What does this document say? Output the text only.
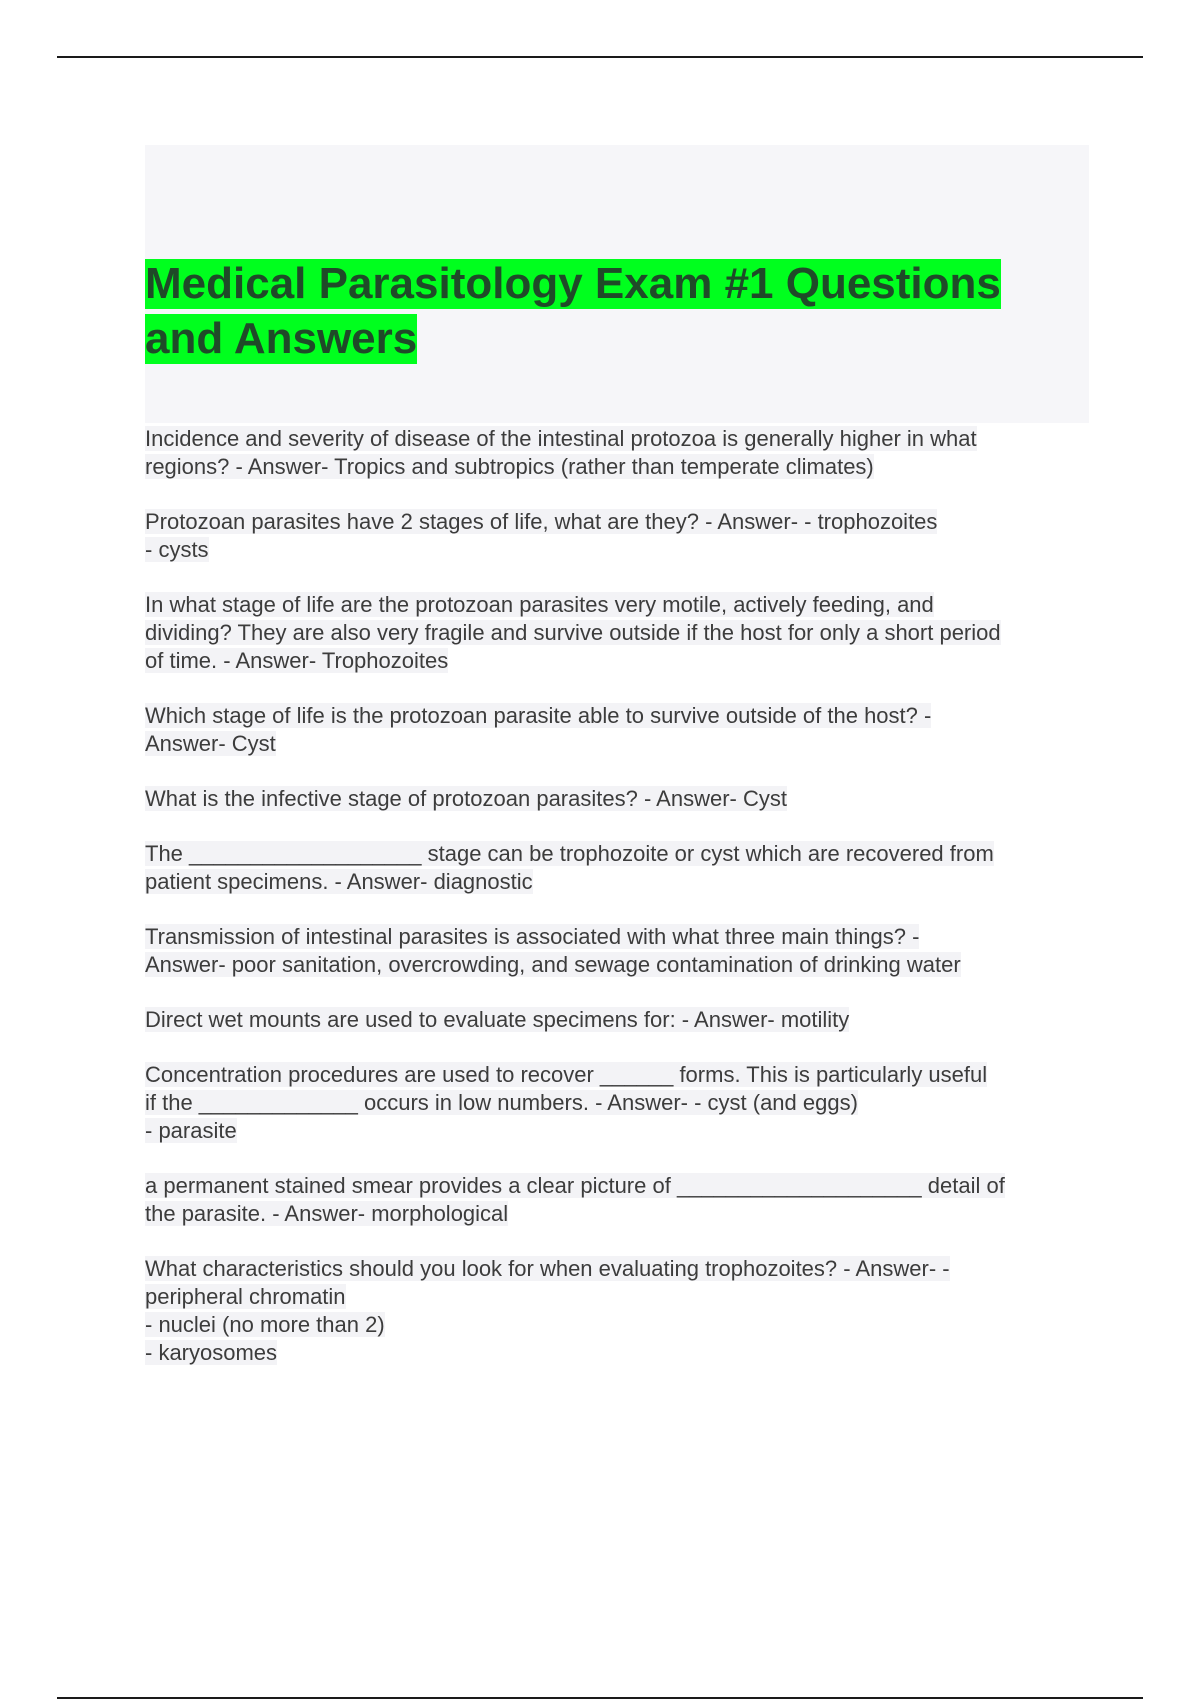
Medical Parasitology Exam #1 Questions
and Answers
Incidence and severity of disease of the intestinal protozoa is generally higher in what
regions? - Answer- Tropics and subtropics (rather than temperate climates)
Protozoan parasites have 2 stages of life, what are they? - Answer- - trophozoites
- cysts
In what stage of life are the protozoan parasites very motile, actively feeding, and
dividing? They are also very fragile and survive outside if the host for only a short period
of time. - Answer- Trophozoites
Which stage of life is the protozoan parasite able to survive outside of the host? -
Answer- Cyst
What is the infective stage of protozoan parasites? - Answer- Cyst
The ___________________ stage can be trophozoite or cyst which are recovered from
patient specimens. - Answer- diagnostic
Transmission of intestinal parasites is associated with what three main things? -
Answer- poor sanitation, overcrowding, and sewage contamination of drinking water
Direct wet mounts are used to evaluate specimens for: - Answer- motility
Concentration procedures are used to recover ______ forms. This is particularly useful
if the _____________ occurs in low numbers. - Answer- - cyst (and eggs)
- parasite
a permanent stained smear provides a clear picture of ____________________ detail of
the parasite. - Answer- morphological
What characteristics should you look for when evaluating trophozoites? - Answer- -
peripheral chromatin
- nuclei (no more than 2)
- karyosomes
